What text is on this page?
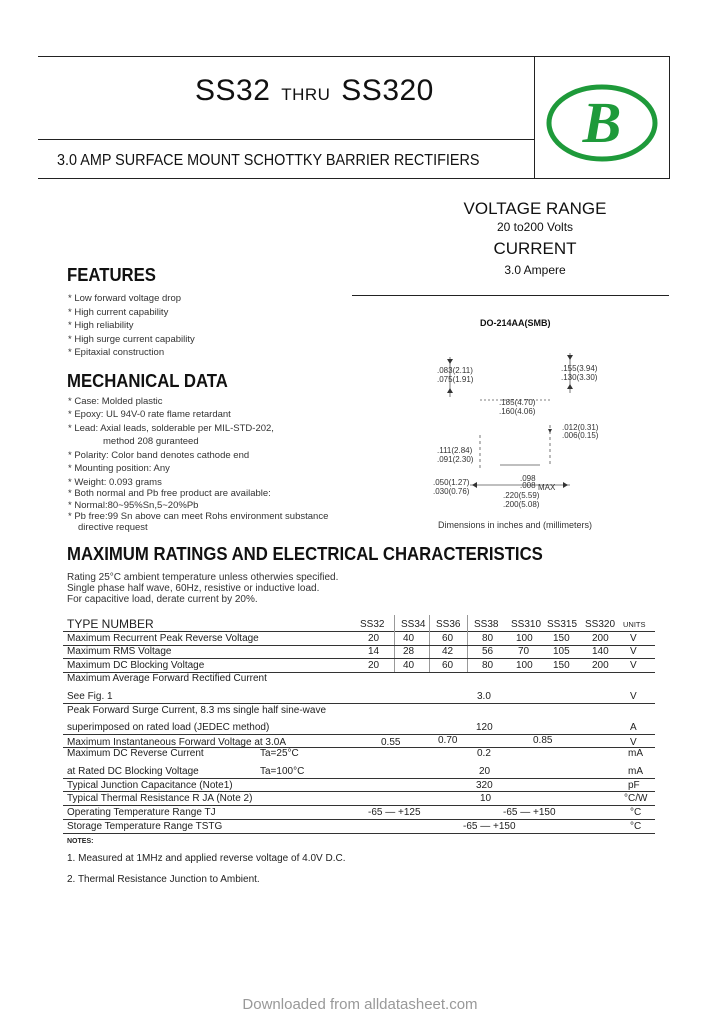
SS32 THRU SS320
3.0 AMP SURFACE MOUNT SCHOTTKY BARRIER RECTIFIERS
B
VOLTAGE RANGE
20 to200 Volts
CURRENT
3.0 Ampere
FEATURES
* Low forward voltage drop
* High current capability
* High reliability
* High surge current capability
* Epitaxial construction
MECHANICAL DATA
* Case: Molded plastic
* Epoxy: UL 94V-0 rate flame retardant
* Lead: Axial leads, solderable per MIL-STD-202,
method 208 guranteed
* Polarity: Color band denotes cathode end
* Mounting position: Any
* Weight: 0.093 grams
* Both normal and Pb free product are available:
* Normal:80~95%Sn,5~20%Pb
* Pb free:99 Sn above can meet Rohs environment substance
directive request
DO-214AA(SMB)
.083(2.11)
.075(1.91)
.155(3.94)
.130(3.30)
.185(4.70)
.160(4.06)
.012(0.31)
.006(0.15)
.111(2.84)
.091(2.30)
.050(1.27)
.030(0.76)
.098
.008 MAX
.220(5.59)
.200(5.08)
Dimensions in inches and (millimeters)
MAXIMUM RATINGS AND ELECTRICAL CHARACTERISTICS
Rating 25°C ambient temperature unless otherwies specified.
Single phase half wave, 60Hz, resistive or inductive load.
For capacitive load, derate current by 20%.
TYPE NUMBER	SS32 SS34 SS36 SS38 SS310 SS315 SS320 UNITS
Maximum Recurrent Peak Reverse Voltage	20 40	60	80 100 150 200 V
Maximum RMS Voltage	14 28	42	56 70 105 140 V
Maximum DC Blocking Voltage	20 40	60	80 100 150 200 V
Maximum Average Forward Rectified Current
See Fig. 1	3.0	V
Peak Forward Surge Current, 8.3 ms single half sine-wave
superimposed on rated load (JEDEC method)	120	A
Maximum Instantaneous Forward Voltage at 3.0A	0.55	0.70	0.85	V
Maximum DC Reverse Current	Ta=25°C	0.2	mA
at Rated DC Blocking Voltage	Ta=100°C	20	mA
Typical Junction Capacitance (Note1)	320	pF
Typical Thermal Resistance R JA (Note 2)	10	°C/W
Operating Temperature Range TJ	-65 — +125	-65 — +150	°C
Storage Temperature Range TSTG	-65 — +150	°C
NOTES:
1. Measured at 1MHz and applied reverse voltage of 4.0V D.C.
2. Thermal Resistance Junction to Ambient.
Downloaded from alldatasheet.com
